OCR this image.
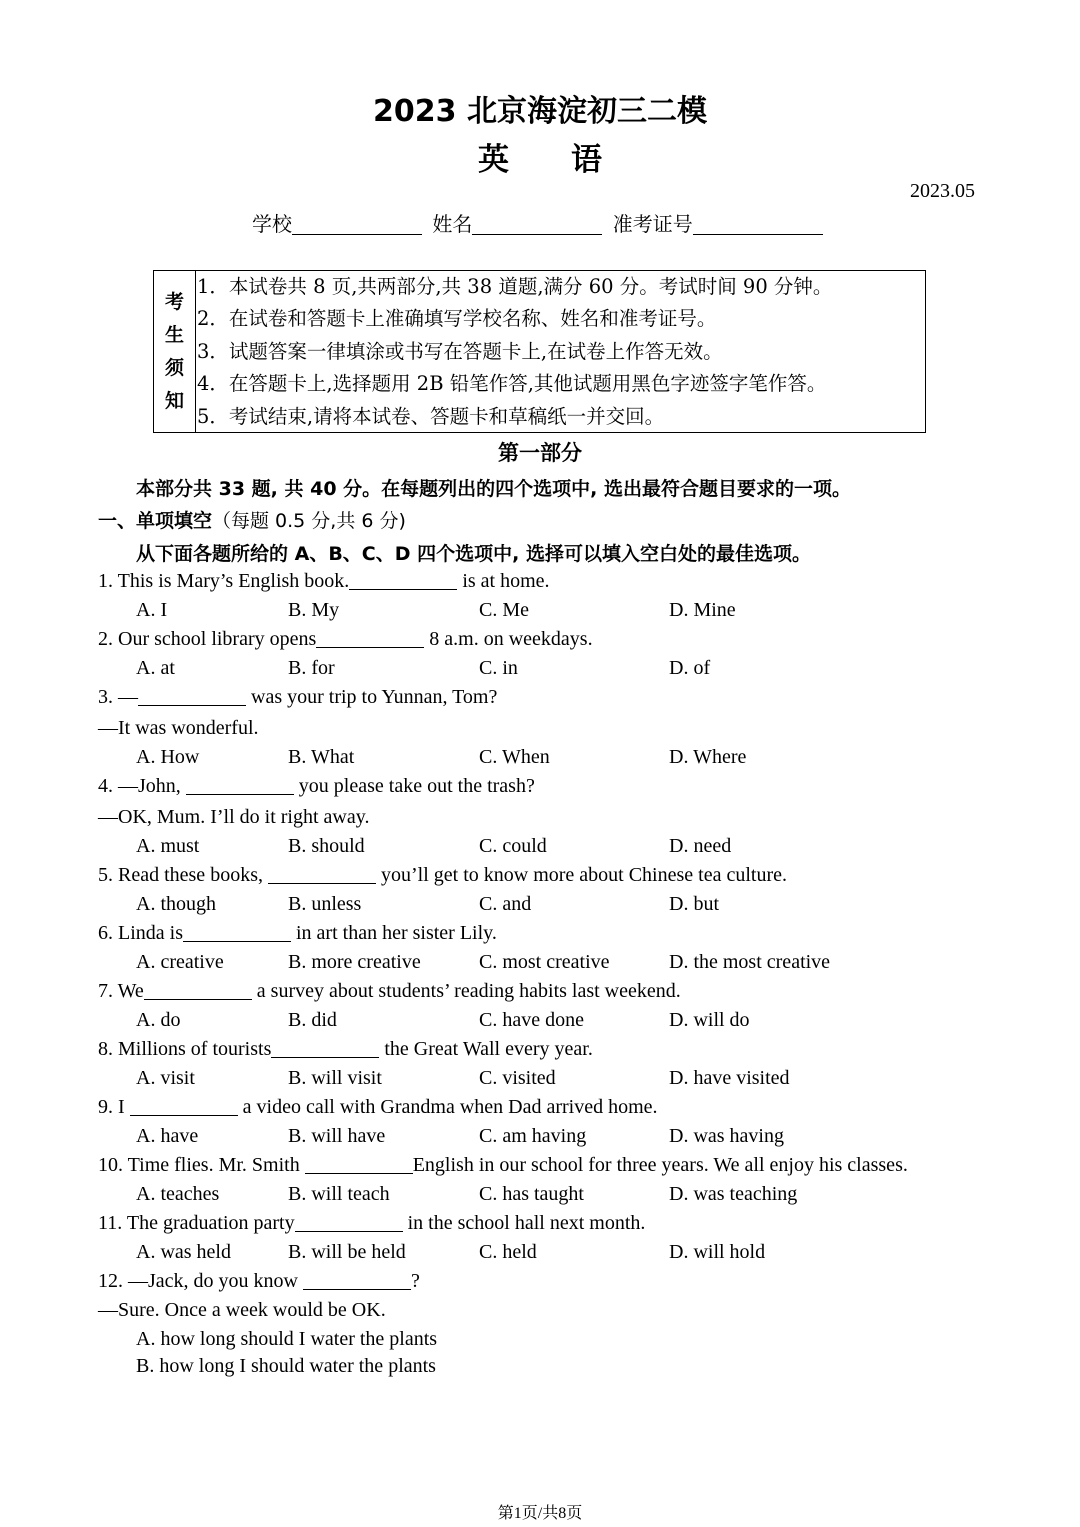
2023 北京海淀初三二模
英语
2023.05
学校	姓名	准考证号
考
生
须
知
1．本试卷共 8 页,共两部分,共 38 道题,满分 60 分。考试时间 90 分钟。
2．在试卷和答题卡上准确填写学校名称、姓名和准考证号。
3．试题答案一律填涂或书写在答题卡上,在试卷上作答无效。
4．在答题卡上,选择题用 2B 铅笔作答,其他试题用黑色字迹签字笔作答。
5．考试结束,请将本试卷、答题卡和草稿纸一并交回。
第一部分
本部分共 33 题, 共 40 分。在每题列出的四个选项中, 选出最符合题目要求的一项。
一、单项填空（每题 0.5 分,共 6 分)
从下面各题所给的 A、B、C、D 四个选项中, 选择可以填入空白处的最佳选项。
1. This is Mary’s English book.	is at home.
A. I	B. My	C. Me	D. Mine
2. Our school library opens	8 a.m. on weekdays.
A. at	B. for	C. in	D. of
3. —	was your trip to Yunnan, Tom?
—It was wonderful.
A. How	B. What	C. When	D. Where
4. —John,	you please take out the trash?
—OK, Mum. I’ll do it right away.
A. must	B. should	C. could	D. need
5. Read these books,	you’ll get to know more about Chinese tea culture.
A. though	B. unless	C. and	D. but
6. Linda is	in art than her sister Lily.
A. creative	B. more creative	C. most creative	D. the most creative
7. We	a survey about students’ reading habits last weekend.
A. do	B. did	C. have done	D. will do
8. Millions of tourists	the Great Wall every year.
A. visit	B. will visit	C. visited	D. have visited
9. I	a video call with Grandma when Dad arrived home.
A. have	B. will have	C. am having	D. was having
10. Time flies. Mr. Smith	English in our school for three years. We all enjoy his classes.
A. teaches	B. will teach	C. has taught	D. was teaching
11. The graduation party	in the school hall next month.
A. was held	B. will be held	C. held	D. will hold
12. —Jack, do you know	?
—Sure. Once a week would be OK.
A. how long should I water the plants
B. how long I should water the plants
第1页/共8页
